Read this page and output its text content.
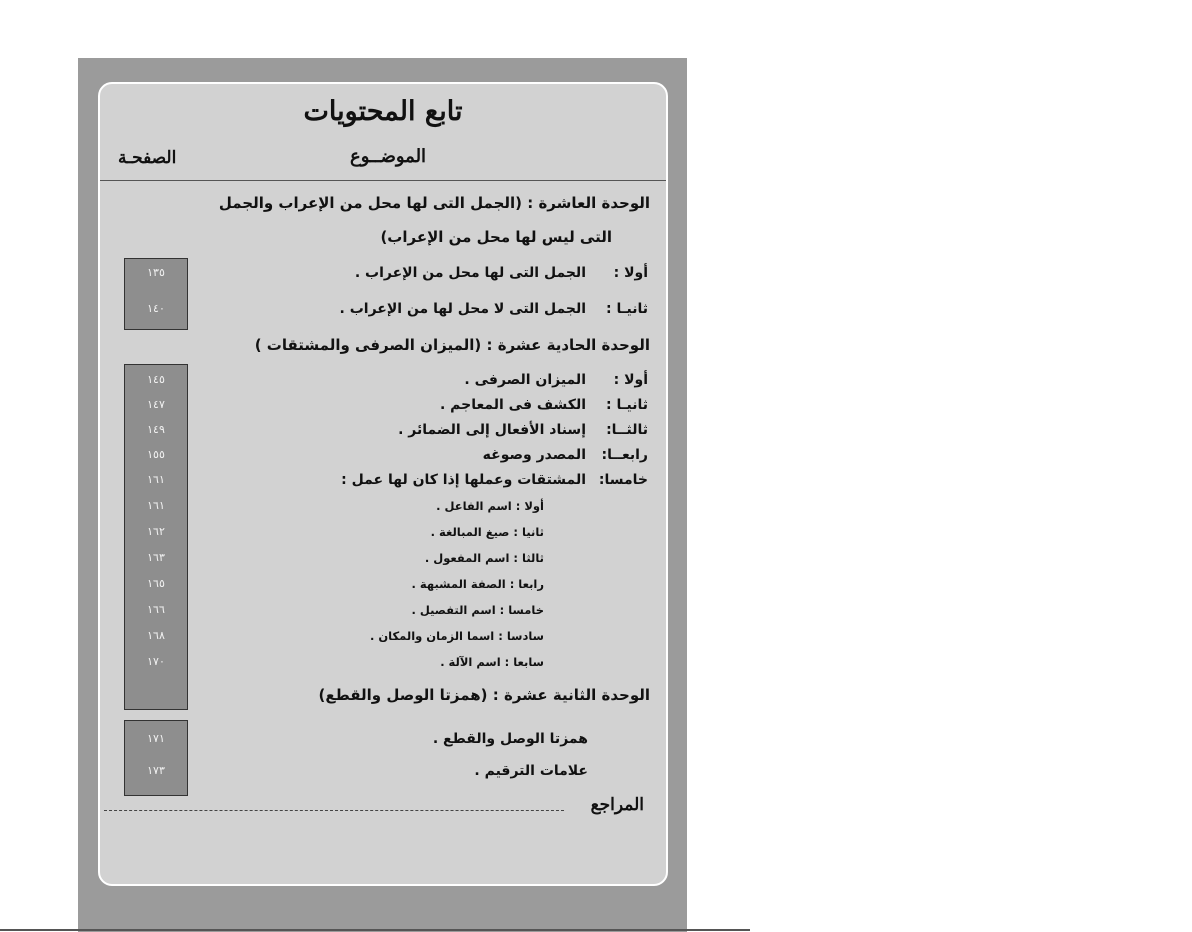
تابع المحتويات
الموضــوع
الصفحـة
الوحدة العاشرة : (الجمل التى لها محل من الإعراب والجمل
التى ليس لها محل من الإعراب)
أولا :الجمل التى لها محل من الإعراب .
١٣٥
ثانيـا :الجمل التى لا محل لها من الإعراب .
١٤٠
الوحدة الحادية عشرة : (الميزان الصرفى والمشتقات )
أولا :الميزان الصرفى .
١٤٥
ثانيـا :الكشف فى المعاجم .
١٤٧
ثالثــا:إسناد الأفعال إلى الضمائر .
١٤٩
رابعــا:المصدر وصوغه
١٥٥
خامسا:المشتقات وعملها إذا كان لها عمل :
١٦١
أولا : اسم الفاعل .
١٦١
ثانيا : صيغ المبالغة .
١٦٢
ثالثا : اسم المفعول .
١٦٣
رابعا : الصفة المشبهة .
١٦٥
خامسا : اسم التفصيل .
١٦٦
سادسا : اسما الزمان والمكان .
١٦٨
سابعا : اسم الآلة .
١٧٠
الوحدة الثانية عشرة : (همزتا الوصل والقطع)
همزتا الوصل والقطع .
١٧١
علامات الترقيم .
١٧٣
المراجع
